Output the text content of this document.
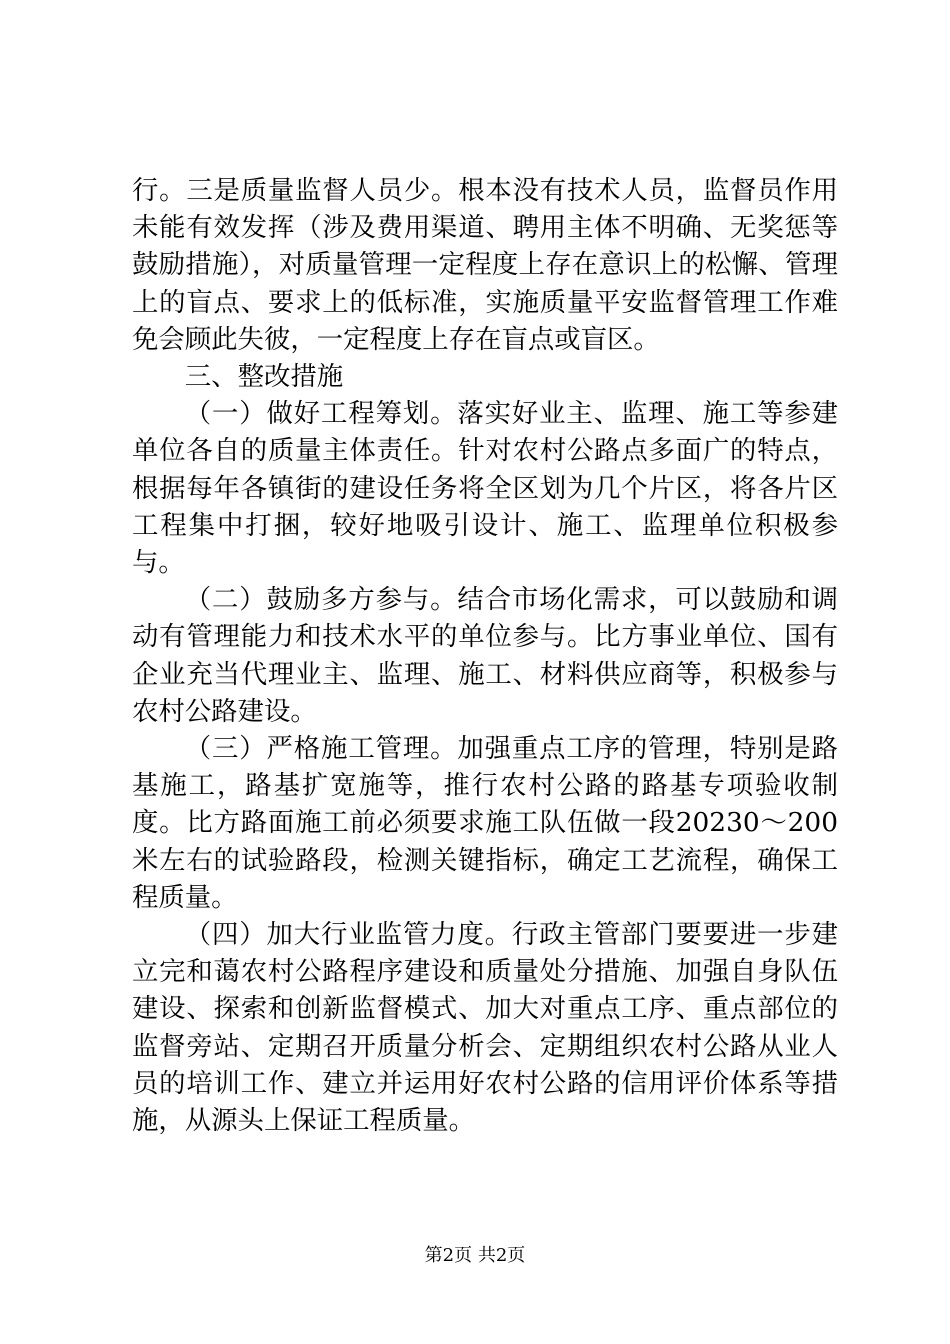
行。三是质量监督人员少。根本没有技术人员，监督员作用未能有效发挥（涉及费用渠道、聘用主体不明确、无奖惩等鼓励措施），对质量管理一定程度上存在意识上的松懈、管理上的盲点、要求上的低标准，实施质量平安监督管理工作难免会顾此失彼，一定程度上存在盲点或盲区。

三、整改措施

（一）做好工程筹划。落实好业主、监理、施工等参建单位各自的质量主体责任。针对农村公路点多面广的特点，根据每年各镇街的建设任务将全区划为几个片区，将各片区工程集中打捆，较好地吸引设计、施工、监理单位积极参与。

（二）鼓励多方参与。结合市场化需求，可以鼓励和调动有管理能力和技术水平的单位参与。比方事业单位、国有企业充当代理业主、监理、施工、材料供应商等，积极参与农村公路建设。

（三）严格施工管理。加强重点工序的管理，特别是路基施工，路基扩宽施等，推行农村公路的路基专项验收制度。比方路面施工前必须要求施工队伍做一段20230～200米左右的试验路段，检测关键指标，确定工艺流程，确保工程质量。

（四）加大行业监管力度。行政主管部门要要进一步建立完和蔼农村公路程序建设和质量处分措施、加强自身队伍建设、探索和创新监督模式、加大对重点工序、重点部位的监督旁站、定期召开质量分析会、定期组织农村公路从业人员的培训工作、建立并运用好农村公路的信用评价体系等措施，从源头上保证工程质量。

第2页 共2页
